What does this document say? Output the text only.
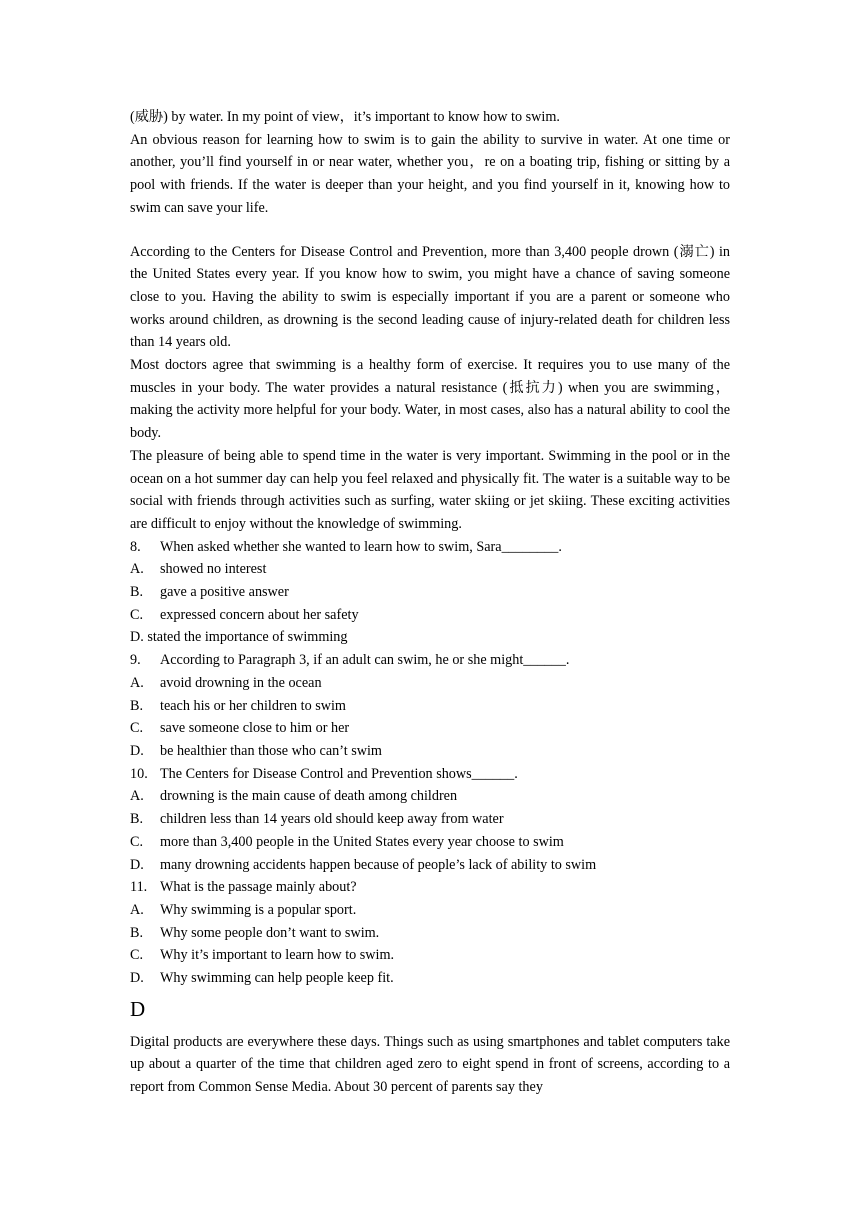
(威胁) by water. In my point of view，it’s important to know how to swim.

An obvious reason for learning how to swim is to gain the ability to survive in water. At one time or another, you’ll find yourself in or near water, whether you，re on a boating trip, fishing or sitting by a pool with friends. If the water is deeper than your height, and you find yourself in it, knowing how to swim can save your life.

According to the Centers for Disease Control and Prevention, more than 3,400 people drown (溺亡) in the United States every year. If you know how to swim, you might have a chance of saving someone close to you. Having the ability to swim is especially important if you are a parent or someone who works around children, as drowning is the second leading cause of injury-related death for children less than 14 years old.

Most doctors agree that swimming is a healthy form of exercise. It requires you to use many of the muscles in your body. The water provides a natural resistance (抵抗力) when you are swimming，making the activity more helpful for your body. Water, in most cases, also has a natural ability to cool the body.

The pleasure of being able to spend time in the water is very important. Swimming in the pool or in the ocean on a hot summer day can help you feel relaxed and physically fit. The water is a suitable way to be social with friends through activities such as surfing, water skiing or jet skiing. These exciting activities are difficult to enjoy without the knowledge of swimming.

8. When asked whether she wanted to learn how to swim, Sara________.

A. showed no interest

B. gave a positive answer

C. expressed concern about her safety

D. stated the importance of swimming

9. According to Paragraph 3, if an adult can swim, he or she might______.

A. avoid drowning in the ocean

B. teach his or her children to swim

C. save someone close to him or her

D. be healthier than those who can’t swim

10. The Centers for Disease Control and Prevention shows______.

A. drowning is the main cause of death among children

B. children less than 14 years old should keep away from water

C. more than 3,400 people in the United States every year choose to swim

D. many drowning accidents happen because of people’s lack of ability to swim

11. What is the passage mainly about?

A. Why swimming is a popular sport.

B. Why some people don’t want to swim.

C. Why it’s important to learn how to swim.

D. Why swimming can help people keep fit.

D

Digital products are everywhere these days. Things such as using smartphones and tablet computers take up about a quarter of the time that children aged zero to eight spend in front of screens, according to a report from Common Sense Media. About 30 percent of parents say they
